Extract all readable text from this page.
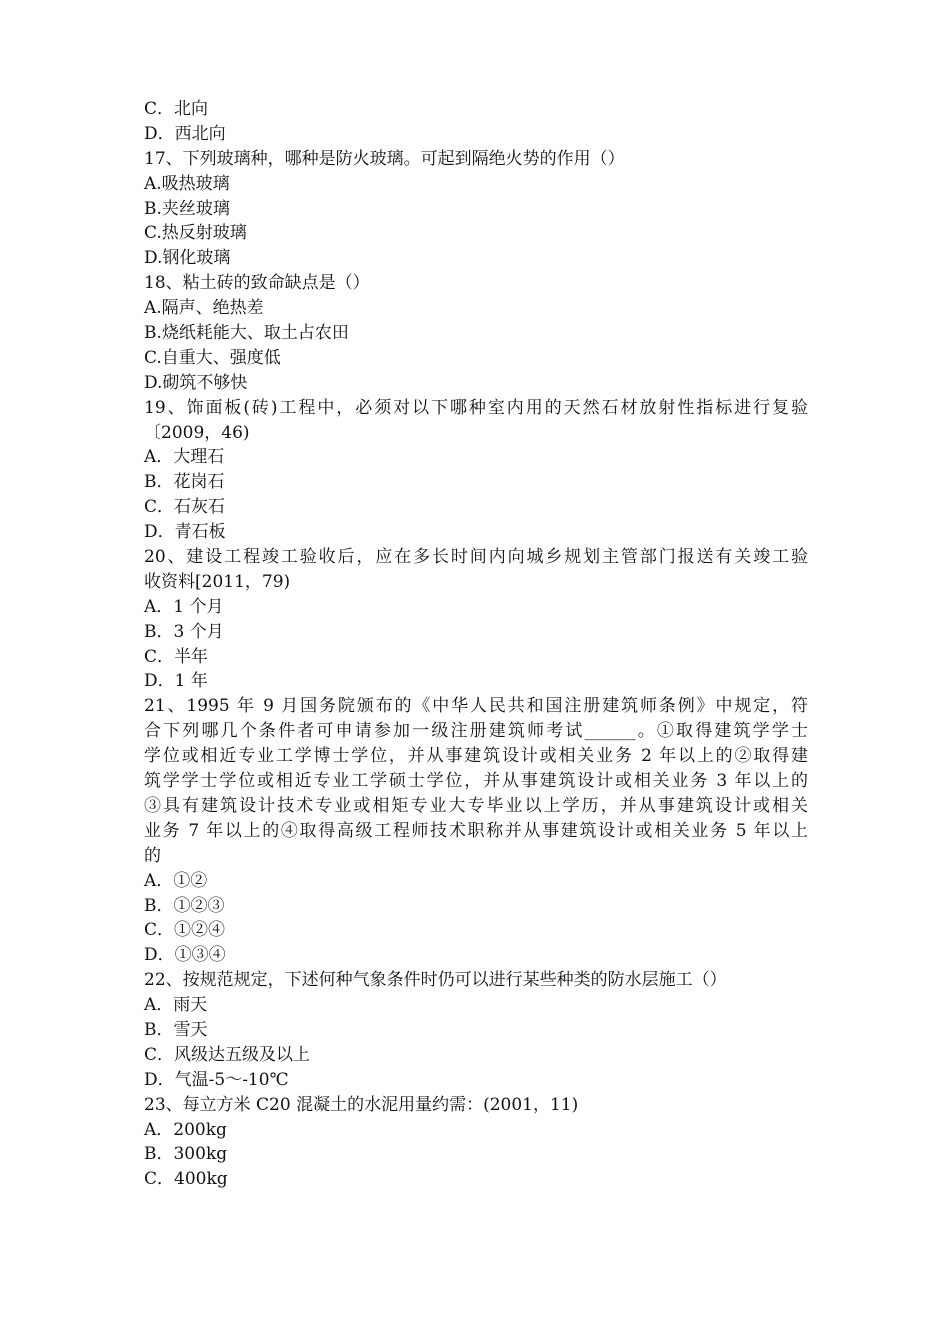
C．北向
D．西北向
17、下列玻璃种，哪种是防火玻璃。可起到隔绝火势的作用（）
A.吸热玻璃
B.夹丝玻璃
C.热反射玻璃
D.钢化玻璃
18、粘土砖的致命缺点是（）
A.隔声、绝热差
B.烧纸耗能大、取土占农田
C.自重大、强度低
D.砌筑不够快
19、饰面板(砖)工程中，必须对以下哪种室内用的天然石材放射性指标进行复验
〔2009，46)
A．大理石
B．花岗石
C．石灰石
D．青石板
20、建设工程竣工验收后，应在多长时间内向城乡规划主管部门报送有关竣工验
收资料[2011，79)
A．1 个月
B．3 个月
C．半年
D．1 年
21、1995 年 9 月国务院颁布的《中华人民共和国注册建筑师条例》中规定，符
合下列哪几个条件者可申请参加一级注册建筑师考试______。①取得建筑学学士
学位或相近专业工学博士学位，并从事建筑设计或相关业务 2 年以上的②取得建
筑学学士学位或相近专业工学硕士学位，并从事建筑设计或相关业务 3 年以上的
③具有建筑设计技术专业或相矩专业大专毕业以上学历，并从事建筑设计或相关
业务 7 年以上的④取得高级工程师技术职称并从事建筑设计或相关业务 5 年以上
的
A．①②
B．①②③
C．①②④
D．①③④
22、按规范规定，下述何种气象条件时仍可以进行某些种类的防水层施工（）
A．雨天
B．雪天
C．风级达五级及以上
D．气温-5～-10℃
23、每立方米 C20 混凝土的水泥用量约需：(2001，11)
A．200kg
B．300kg
C．400kg
